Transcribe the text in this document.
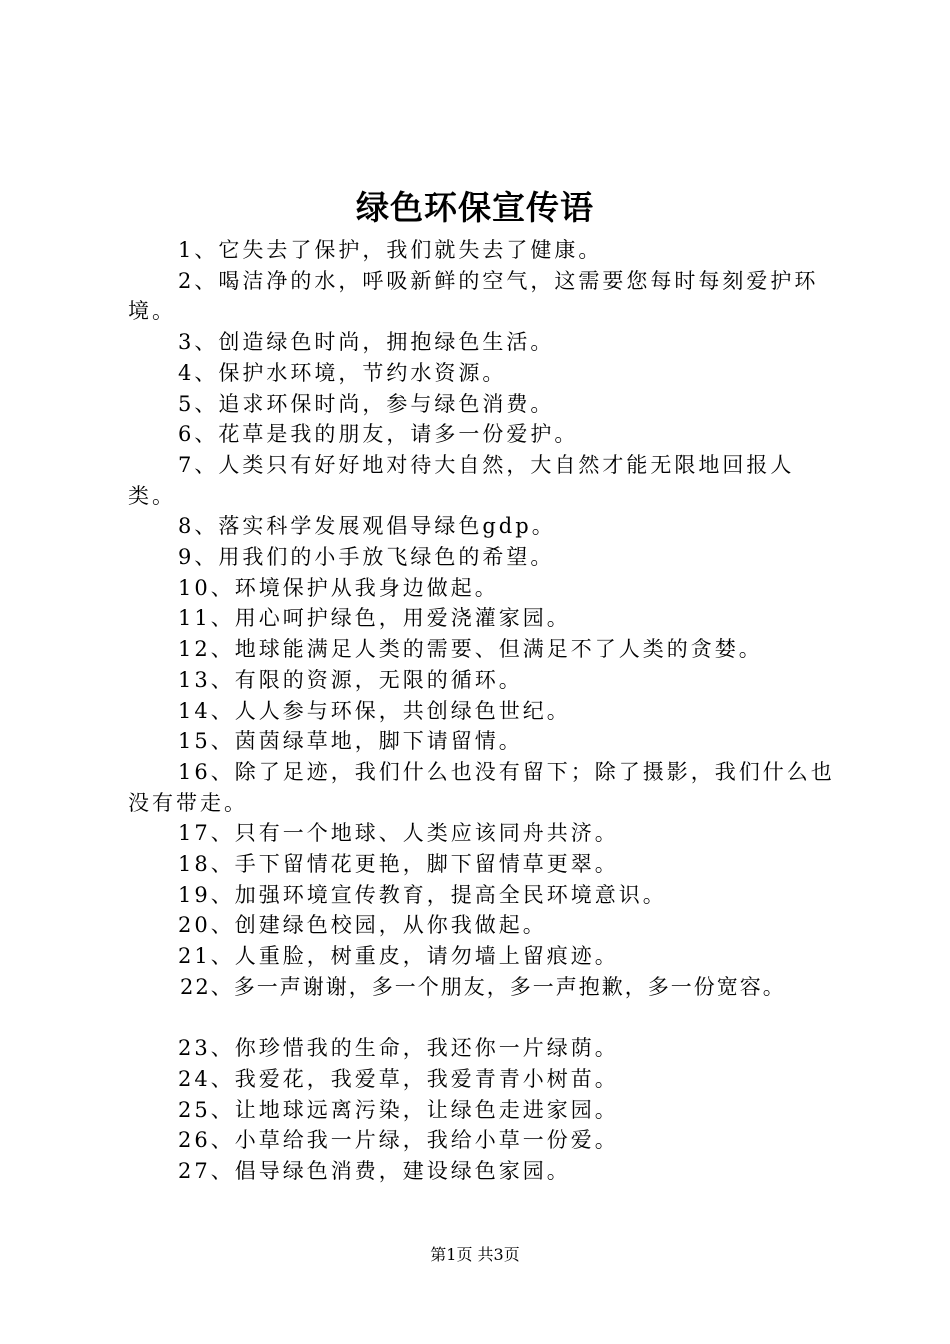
绿色环保宣传语
1、它失去了保护，我们就失去了健康。
2、喝洁净的水，呼吸新鲜的空气，这需要您每时每刻爱护环境。
3、创造绿色时尚，拥抱绿色生活。
4、保护水环境，节约水资源。
5、追求环保时尚，参与绿色消费。
6、花草是我的朋友，请多一份爱护。
7、人类只有好好地对待大自然，大自然才能无限地回报人类。
8、落实科学发展观倡导绿色gdp。
9、用我们的小手放飞绿色的希望。
10、环境保护从我身边做起。
11、用心呵护绿色，用爱浇灌家园。
12、地球能满足人类的需要、但满足不了人类的贪婪。
13、有限的资源，无限的循环。
14、人人参与环保，共创绿色世纪。
15、茵茵绿草地，脚下请留情。
16、除了足迹，我们什么也没有留下；除了摄影，我们什么也没有带走。
17、只有一个地球、人类应该同舟共济。
18、手下留情花更艳，脚下留情草更翠。
19、加强环境宣传教育，提高全民环境意识。
20、创建绿色校园，从你我做起。
21、人重脸，树重皮，请勿墙上留痕迹。
22、多一声谢谢，多一个朋友，多一声抱歉，多一份宽容。
23、你珍惜我的生命，我还你一片绿荫。
24、我爱花，我爱草，我爱青青小树苗。
25、让地球远离污染，让绿色走进家园。
26、小草给我一片绿，我给小草一份爱。
27、倡导绿色消费，建设绿色家园。
第1页 共3页
